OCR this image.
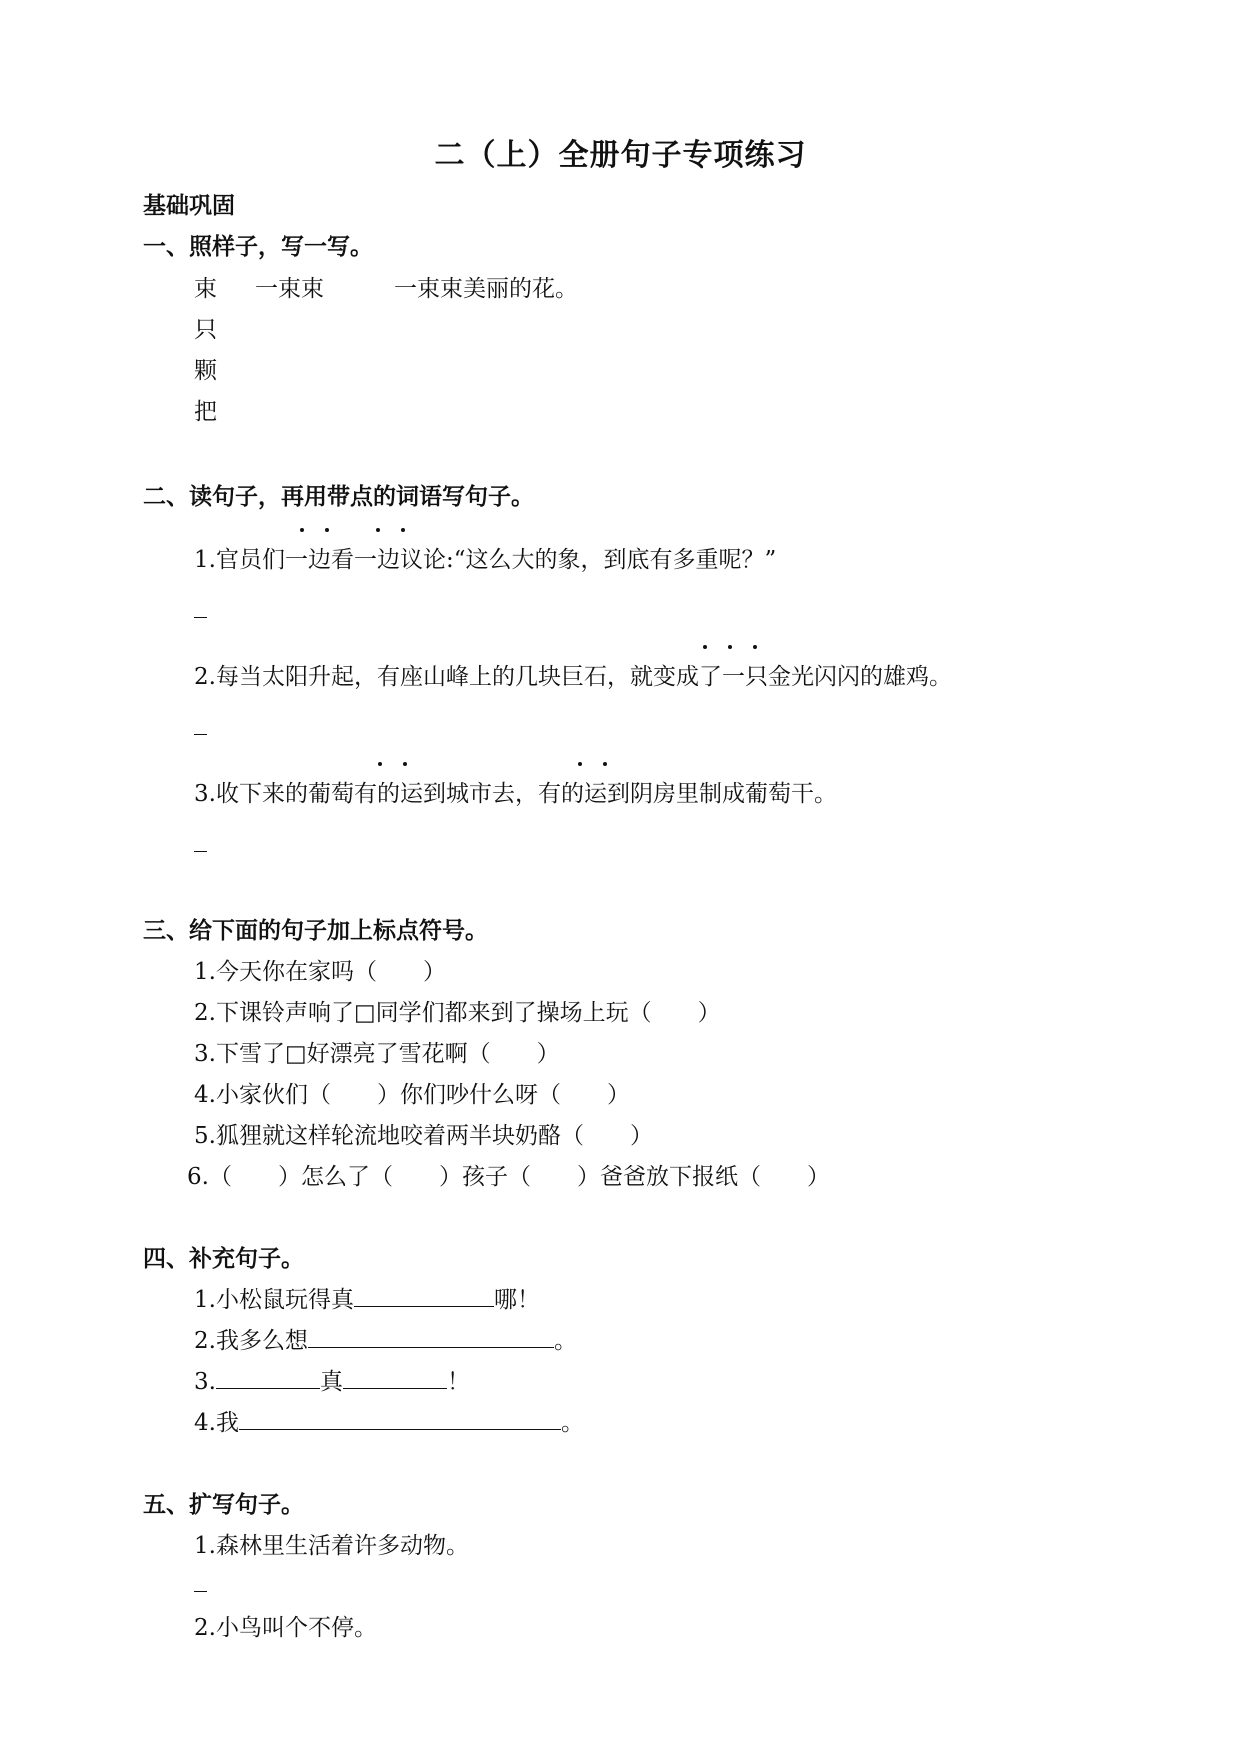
二（上）全册句子专项练习
基础巩固
一、照样子，写一写。
束 一束束	一束束美丽的花。
只
颗
把
二、读句子，再用带点的词语写句子。
1.官员们一边看一边议论:“这么大的象，到底有多重呢？”
2.每当太阳升起，有座山峰上的几块巨石，就变成了一只金光闪闪的雄鸡。
3.收下来的葡萄有的运到城市去，有的运到阴房里制成葡萄干。
三、给下面的句子加上标点符号。
1.今天你在家吗（　　）
2.下课铃声响了□同学们都来到了操场上玩（　　）
3.下雪了□好漂亮了雪花啊（　　）
4.小家伙们（　　）你们吵什么呀（　　）
5.狐狸就这样轮流地咬着两半块奶酪（　　）
6.（　　）怎么了（　　）孩子（　　）爸爸放下报纸（　　）
四、补充句子。
1.小松鼠玩得真	哪！
2.我多么想	。
3.	真	！
4.我	。
五、扩写句子。
1.森林里生活着许多动物。
2.小鸟叫个不停。
